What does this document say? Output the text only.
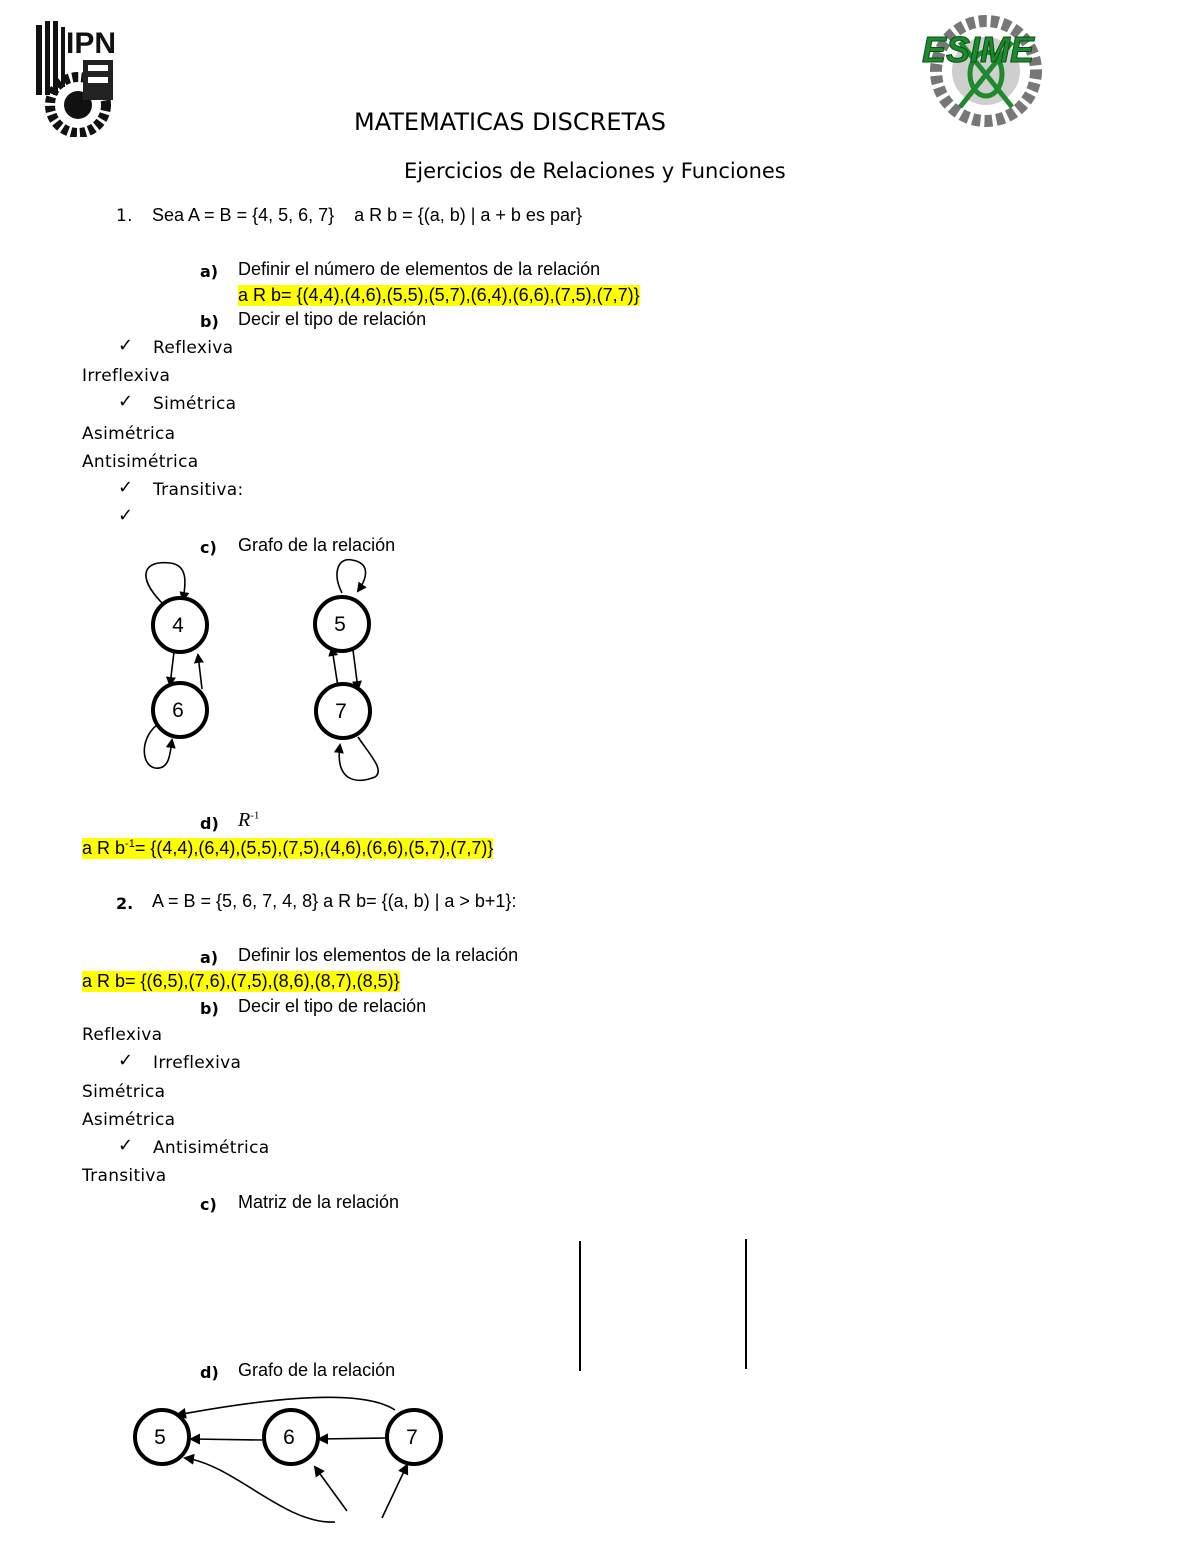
IPN	ESIME
MATEMATICAS DISCRETAS
Ejercicios de Relaciones y Funciones
1. Sea A = B = {4, 5, 6, 7}    a R b = {(a, b) | a + b es par}
a) Definir el número de elementos de la relación
a R b= {(4,4),(4,6),(5,5),(5,7),(6,4),(6,6),(7,5),(7,7)}
b) Decir el tipo de relación
✓ Reflexiva
Irreflexiva
✓ Simétrica
Asimétrica
Antisimétrica
✓ Transitiva:
✓
c) Grafo de la relación
4	5
6	7
d) $R^{-1}$
a R $b^{-1}= \{(4,4),(6,4),(5,5),(7,5),(4,6),(6,6),(5,7),(7,7)\}$
2. A = B = {5, 6, 7, 4, 8} a R b= {(a, b) | a > b+1}:
a) Definir los elementos de la relación
a R b= {(6,5),(7,6),(7,5),(8,6),(8,7),(8,5)}
b) Decir el tipo de relación
Reflexiva
✓ Irreflexiva
Simétrica
Asimétrica
✓ Antisimétrica
Transitiva
c) Matriz de la relación
d) Grafo de la relación
5	6	7
